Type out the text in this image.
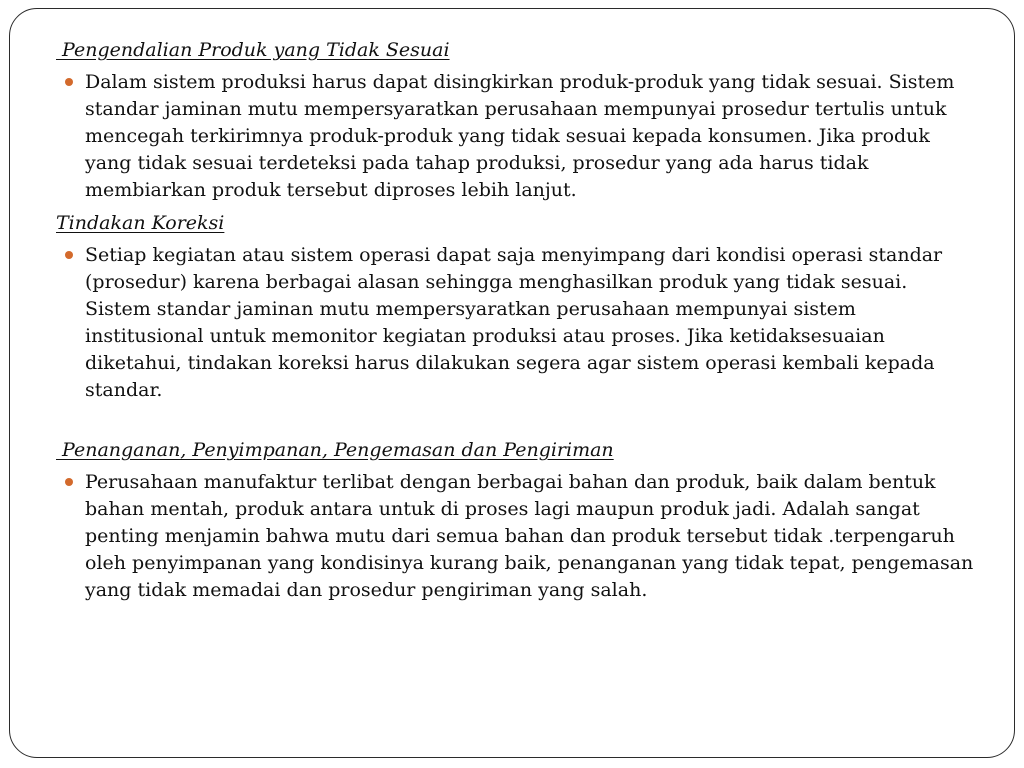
Pengendalian Produk yang Tidak Sesuai

Dalam sistem produksi harus dapat disingkirkan produk-produk yang tidak sesuai. Sistem standar jaminan mutu mempersyaratkan perusahaan mempunyai prosedur tertulis untuk mencegah terkirimnya produk-produk yang tidak sesuai kepada konsumen. Jika produk yang tidak sesuai terdeteksi pada tahap produksi, prosedur yang ada harus tidak membiarkan produk tersebut diproses lebih lanjut.

Tindakan Koreksi

Setiap kegiatan atau sistem operasi dapat saja menyimpang dari kondisi operasi standar (prosedur) karena berbagai alasan sehingga menghasilkan produk yang tidak sesuai. Sistem standar jaminan mutu mempersyaratkan perusahaan mempunyai sistem institusional untuk memonitor kegiatan produksi atau proses. Jika ketidaksesuaian diketahui, tindakan koreksi harus dilakukan segera agar sistem operasi kembali kepada standar.

Penanganan, Penyimpanan, Pengemasan dan Pengiriman

Perusahaan manufaktur terlibat dengan berbagai bahan dan produk, baik dalam bentuk bahan mentah, produk antara untuk di proses lagi maupun produk jadi. Adalah sangat penting menjamin bahwa mutu dari semua bahan dan produk tersebut tidak .terpengaruh oleh penyimpanan yang kondisinya kurang baik, penanganan yang tidak tepat, pengemasan yang tidak memadai dan prosedur pengiriman yang salah.
